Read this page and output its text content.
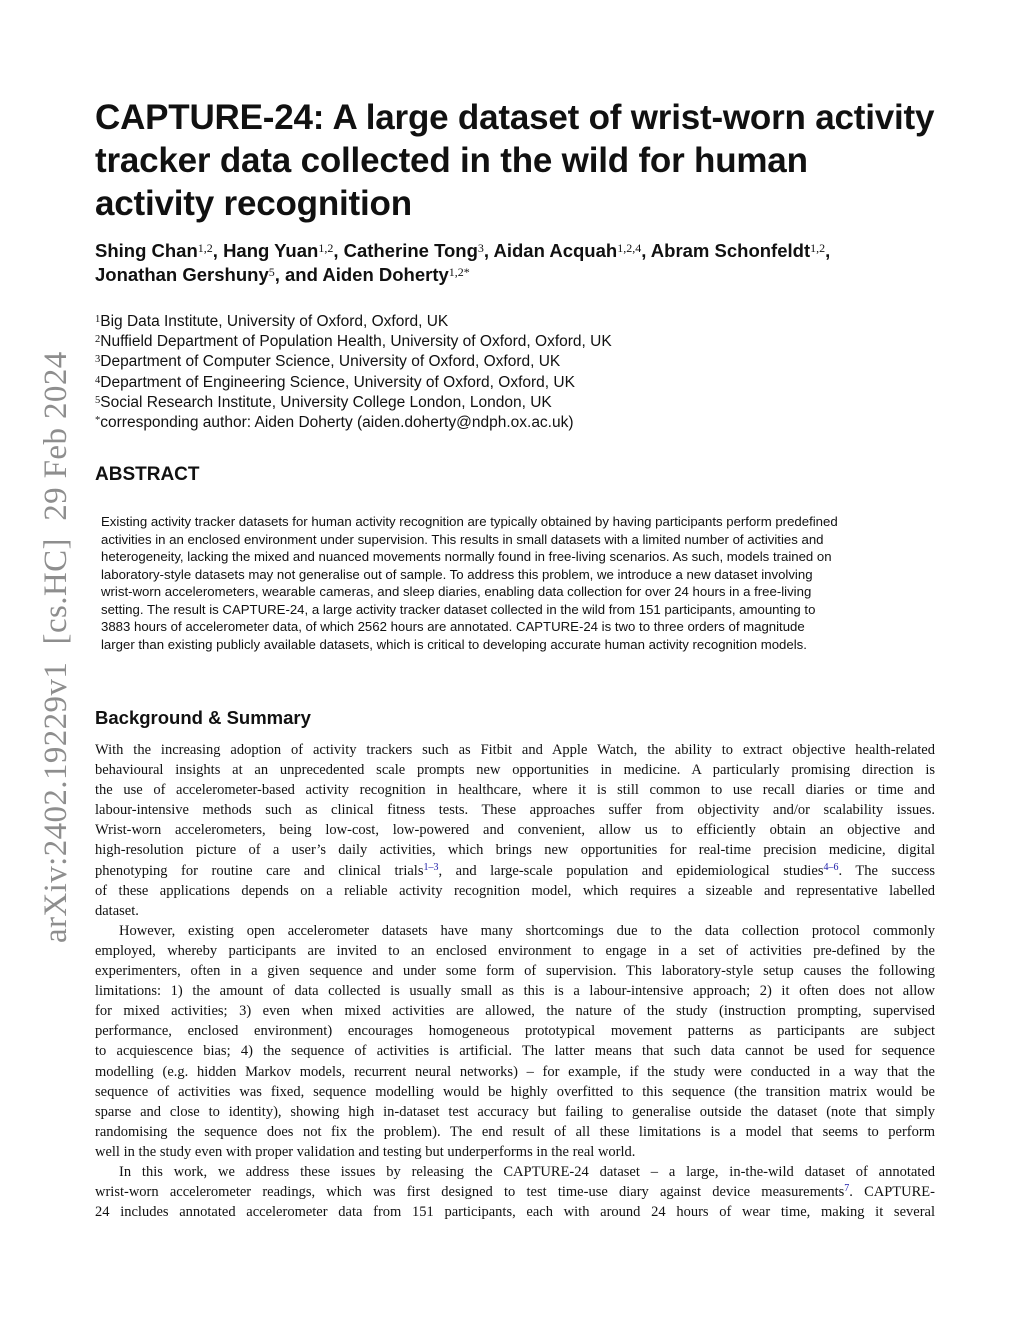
arXiv:2402.19229v1  [cs.HC]  29 Feb 2024
CAPTURE-24: A large dataset of wrist-worn activity tracker data collected in the wild for human activity recognition
Shing Chan$^{1,2}$, Hang Yuan$^{1,2}$, Catherine Tong$^3$, Aidan Acquah$^{1,2,4}$, Abram Schonfeldt$^{1,2}$,
Jonathan Gershuny$^5$, and Aiden Doherty$^{1,2*}$
$^1$Big Data Institute, University of Oxford, Oxford, UK
$^2$Nuffield Department of Population Health, University of Oxford, Oxford, UK
$^3$Department of Computer Science, University of Oxford, Oxford, UK
$^4$Department of Engineering Science, University of Oxford, Oxford, UK
$^5$Social Research Institute, University College London, London, UK
*corresponding author: Aiden Doherty (aiden.doherty@ndph.ox.ac.uk)
ABSTRACT
Existing activity tracker datasets for human activity recognition are typically obtained by having participants perform predefined
activities in an enclosed environment under supervision. This results in small datasets with a limited number of activities and
heterogeneity, lacking the mixed and nuanced movements normally found in free-living scenarios. As such, models trained on
laboratory-style datasets may not generalise out of sample. To address this problem, we introduce a new dataset involving
wrist-worn accelerometers, wearable cameras, and sleep diaries, enabling data collection for over 24 hours in a free-living
setting. The result is CAPTURE-24, a large activity tracker dataset collected in the wild from 151 participants, amounting to
3883 hours of accelerometer data, of which 2562 hours are annotated. CAPTURE-24 is two to three orders of magnitude
larger than existing publicly available datasets, which is critical to developing accurate human activity recognition models.
Background & Summary
With the increasing adoption of activity trackers such as Fitbit and Apple Watch, the ability to extract objective health-related
behavioural insights at an unprecedented scale prompts new opportunities in medicine. A particularly promising direction is
the use of accelerometer-based activity recognition in healthcare, where it is still common to use recall diaries or time and
labour-intensive methods such as clinical fitness tests. These approaches suffer from objectivity and/or scalability issues.
Wrist-worn accelerometers, being low-cost, low-powered and convenient, allow us to efficiently obtain an objective and
high-resolution picture of a user’s daily activities, which brings new opportunities for real-time precision medicine, digital
phenotyping for routine care and clinical trials$^{1-3}$, and large-scale population and epidemiological studies$^{4-6}$. The success
of these applications depends on a reliable activity recognition model, which requires a sizeable and representative labelled
dataset.
However, existing open accelerometer datasets have many shortcomings due to the data collection protocol commonly
employed, whereby participants are invited to an enclosed environment to engage in a set of activities pre-defined by the
experimenters, often in a given sequence and under some form of supervision. This laboratory-style setup causes the following
limitations: 1) the amount of data collected is usually small as this is a labour-intensive approach; 2) it often does not allow
for mixed activities; 3) even when mixed activities are allowed, the nature of the study (instruction prompting, supervised
performance, enclosed environment) encourages homogeneous prototypical movement patterns as participants are subject
to acquiescence bias; 4) the sequence of activities is artificial. The latter means that such data cannot be used for sequence
modelling (e.g. hidden Markov models, recurrent neural networks) – for example, if the study were conducted in a way that the
sequence of activities was fixed, sequence modelling would be highly overfitted to this sequence (the transition matrix would be
sparse and close to identity), showing high in-dataset test accuracy but failing to generalise outside the dataset (note that simply
randomising the sequence does not fix the problem). The end result of all these limitations is a model that seems to perform
well in the study even with proper validation and testing but underperforms in the real world.
In this work, we address these issues by releasing the CAPTURE-24 dataset – a large, in-the-wild dataset of annotated
wrist-worn accelerometer readings, which was first designed to test time-use diary against device measurements$^7$. CAPTURE-
24 includes annotated accelerometer data from 151 participants, each with around 24 hours of wear time, making it several
